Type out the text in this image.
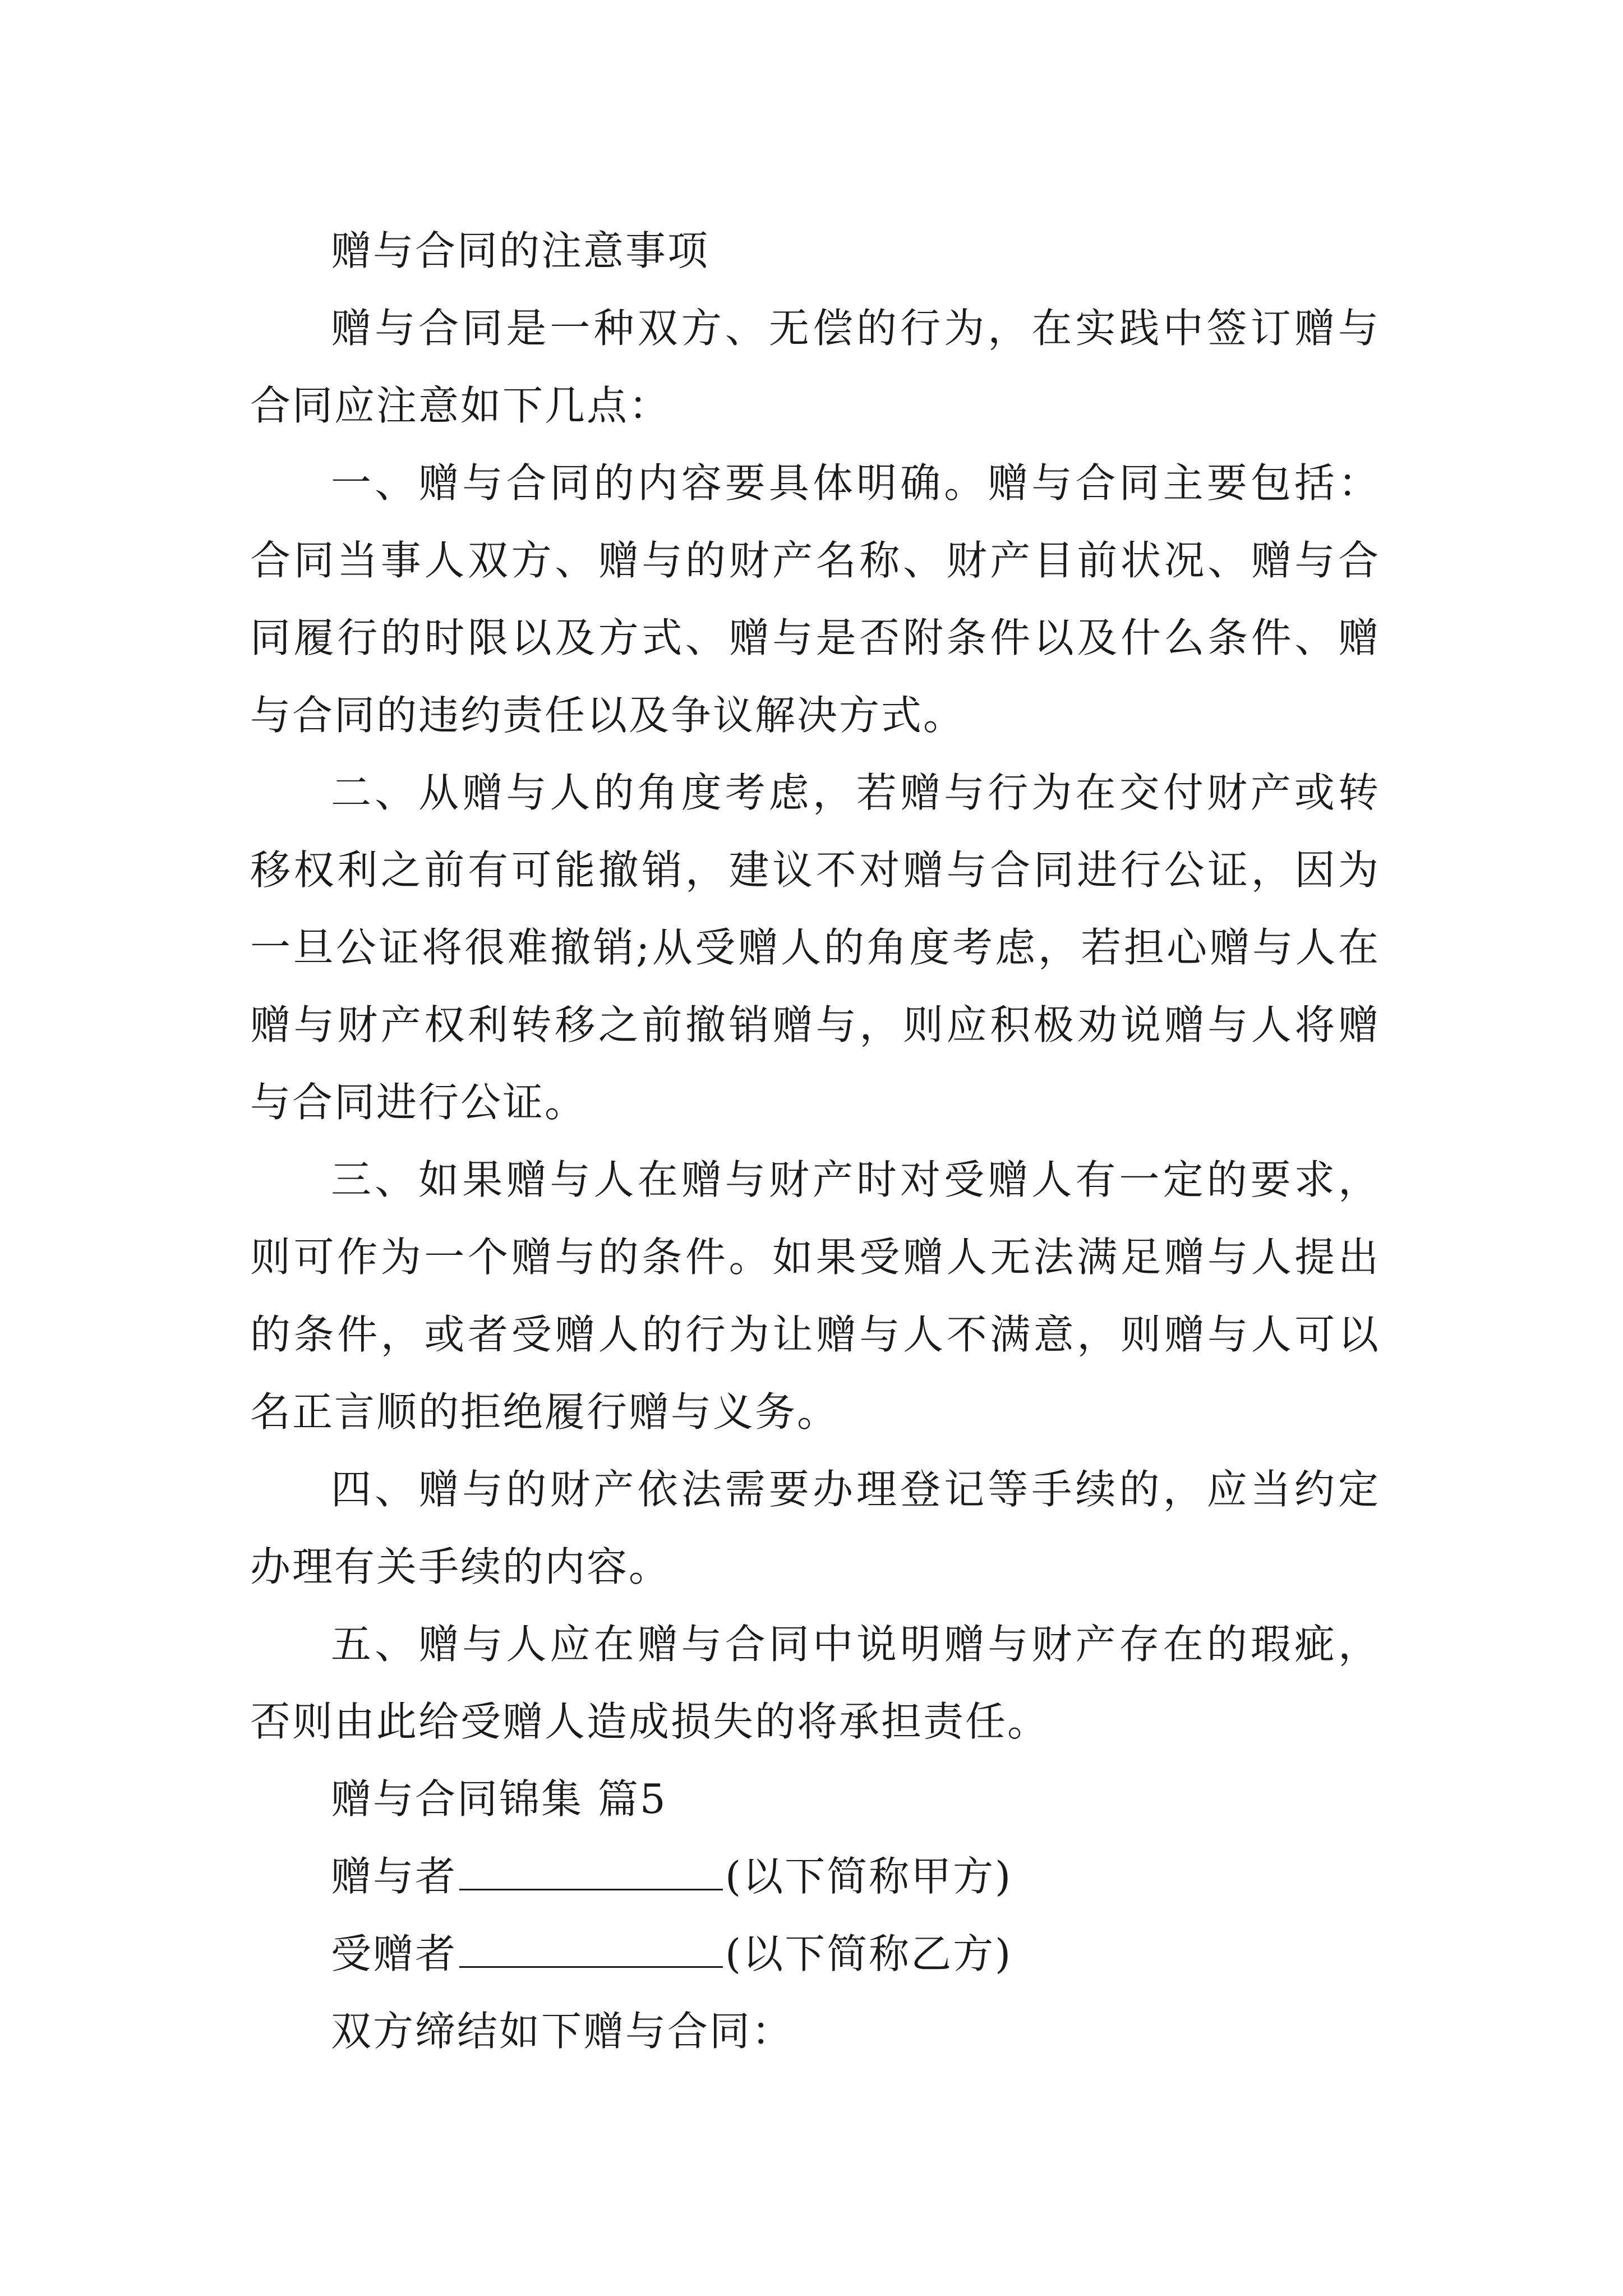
赠与合同的注意事项

赠与合同是一种双方、无偿的行为，在实践中签订赠与合同应注意如下几点：

一、赠与合同的内容要具体明确。赠与合同主要包括：合同当事人双方、赠与的财产名称、财产目前状况、赠与合同履行的时限以及方式、赠与是否附条件以及什么条件、赠与合同的违约责任以及争议解决方式。

二、从赠与人的角度考虑，若赠与行为在交付财产或转移权利之前有可能撤销，建议不对赠与合同进行公证，因为一旦公证将很难撤销;从受赠人的角度考虑，若担心赠与人在赠与财产权利转移之前撤销赠与，则应积极劝说赠与人将赠与合同进行公证。

三、如果赠与人在赠与财产时对受赠人有一定的要求，则可作为一个赠与的条件。如果受赠人无法满足赠与人提出的条件，或者受赠人的行为让赠与人不满意，则赠与人可以名正言顺的拒绝履行赠与义务。

四、赠与的财产依法需要办理登记等手续的，应当约定办理有关手续的内容。

五、赠与人应在赠与合同中说明赠与财产存在的瑕疵，否则由此给受赠人造成损失的将承担责任。

赠与合同锦集 篇5

赠与者	(以下简称甲方)

受赠者	(以下简称乙方)

双方缔结如下赠与合同：
